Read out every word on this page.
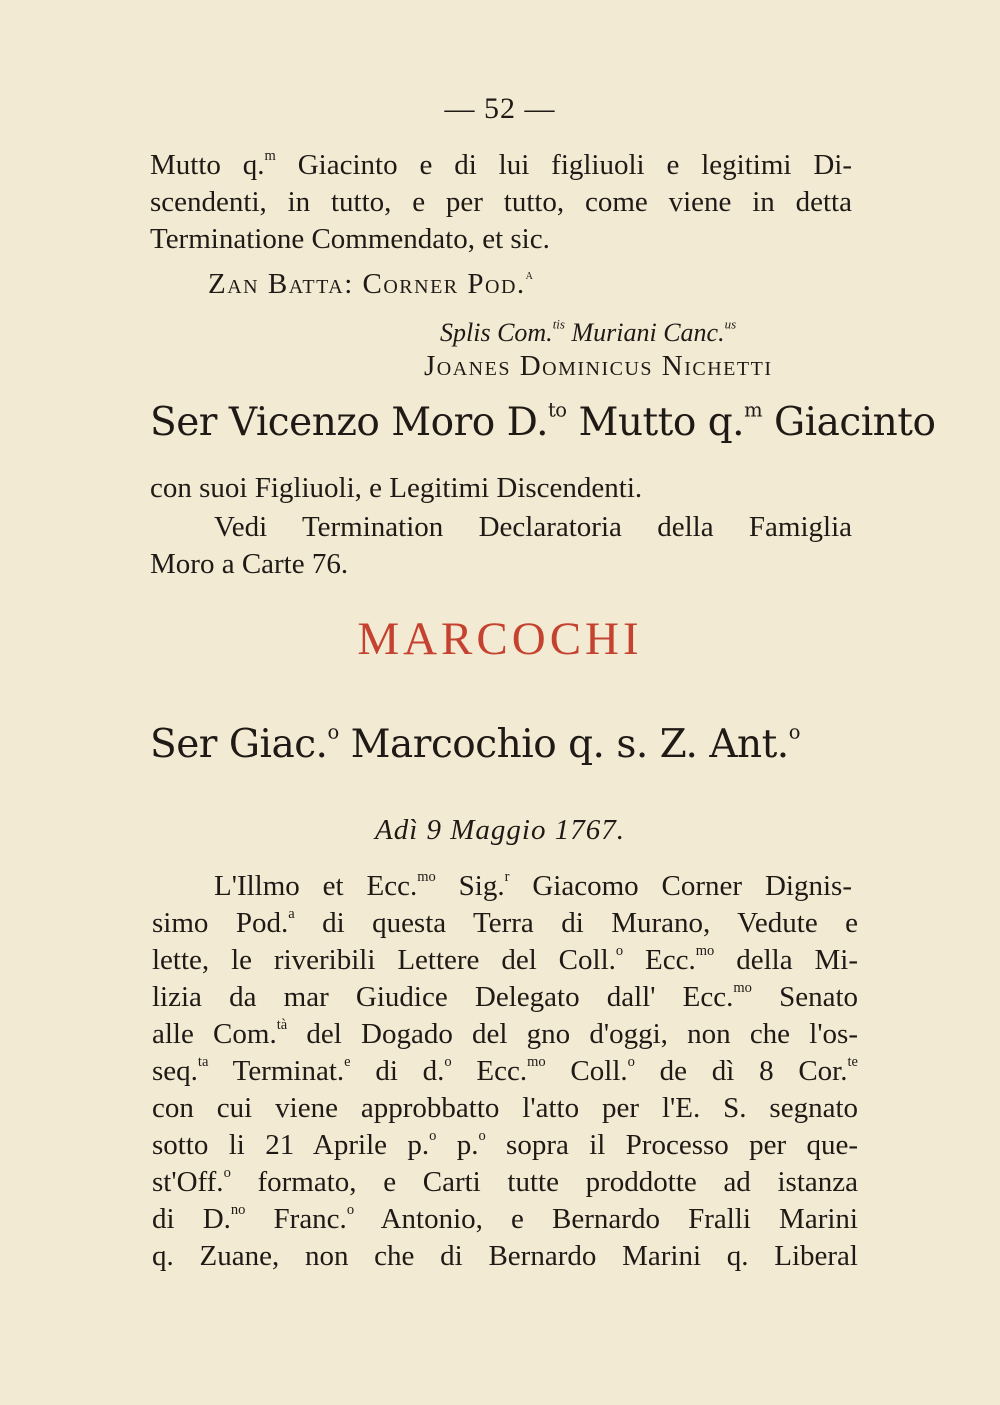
— 52 —
Mutto q.$^m$ Giacinto e di lui figliuoli e legitimi Di-
scendenti, in tutto, e per tutto, come viene in detta
Terminatione Commendato, et sic.
Zan Batta: Corner Pod.$^a$
Splis Com.$^{tis}$ Muriani Canc.$^{us}$
Joanes Dominicus Nichetti
Ser Vicenzo Moro D.$^{to}$ Mutto q.$^m$ Giacinto
con suoi Figliuoli, e Legitimi Discendenti.
Vedi Termination Declaratoria della Famiglia
Moro a Carte 76.
MARCOCHI
Ser Giac.$^o$ Marcochio q. s. Z. Ant.$^o$
Adì 9 Maggio 1767.
L'Illmo et Ecc.$^{mo}$ Sig.$^r$ Giacomo Corner Dignis-
simo Pod.$^a$ di questa Terra di Murano, Vedute e
lette, le riveribili Lettere del Coll.$^o$ Ecc.$^{mo}$ della Mi-
lizia da mar Giudice Delegato dall' Ecc.$^{mo}$ Senato
alle Com.$^{tà}$ del Dogado del gno d'oggi, non che l'os-
seq.$^{ta}$ Terminat.$^e$ di d.$^o$ Ecc.$^{mo}$ Coll.$^o$ de dì 8 Cor.$^{te}$
con cui viene approbbatto l'atto per l'E. S. segnato
sotto li 21 Aprile p.$^o$ p.$^o$ sopra il Processo per que-
st'Off.$^o$ formato, e Carti tutte proddotte ad istanza
di D.$^{no}$ Franc.$^o$ Antonio, e Bernardo Fralli Marini
q. Zuane, non che di Bernardo Marini q. Liberal
